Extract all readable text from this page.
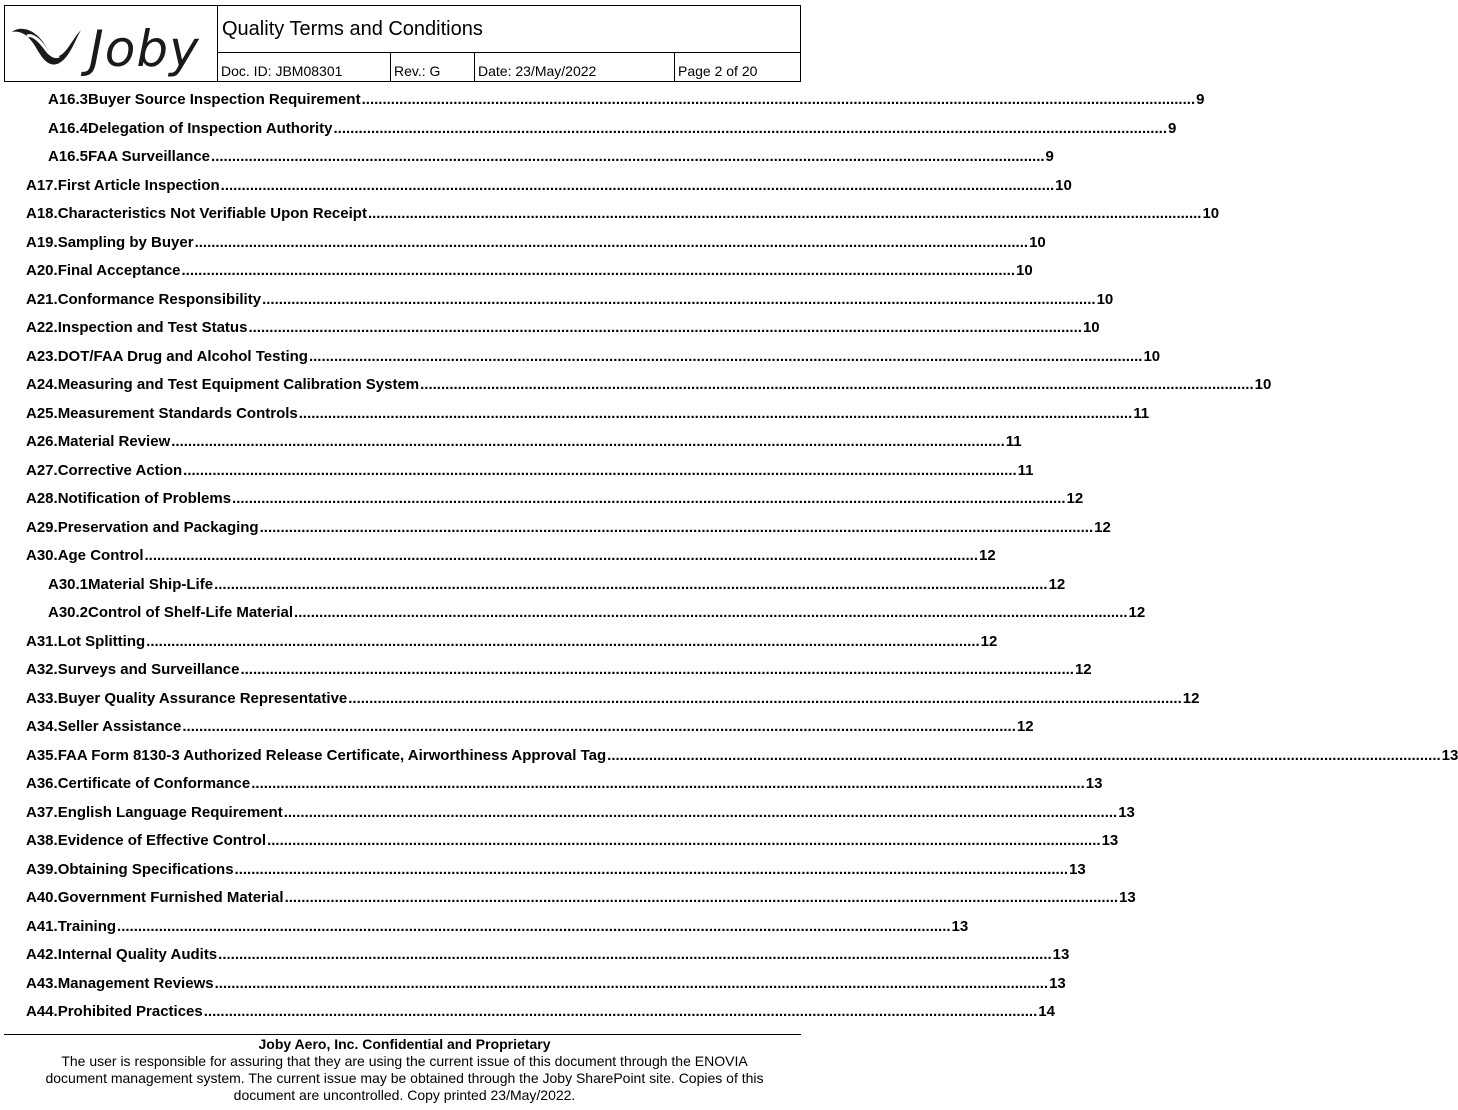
Joby Quality Terms and Conditions
Doc. ID: JBM08301	Rev.: G	Date: 23/May/2022	Page 2 of 20
A16.3 Buyer Source Inspection Requirement ........................................................................................................................................................................................................ 9
A16.4 Delegation of Inspection Authority ........................................................................................................................................................................................................ 9
A16.5 FAA Surveillance ........................................................................................................................................................................................................ 9
A17. First Article Inspection ........................................................................................................................................................................................................ 10
A18. Characteristics Not Verifiable Upon Receipt ........................................................................................................................................................................................................ 10
A19. Sampling by Buyer ........................................................................................................................................................................................................ 10
A20. Final Acceptance ........................................................................................................................................................................................................ 10
A21. Conformance Responsibility ........................................................................................................................................................................................................ 10
A22. Inspection and Test Status ........................................................................................................................................................................................................ 10
A23. DOT/FAA Drug and Alcohol Testing ........................................................................................................................................................................................................ 10
A24. Measuring and Test Equipment Calibration System ........................................................................................................................................................................................................ 10
A25. Measurement Standards Controls ........................................................................................................................................................................................................ 11
A26. Material Review ........................................................................................................................................................................................................ 11
A27. Corrective Action ........................................................................................................................................................................................................ 11
A28. Notification of Problems ........................................................................................................................................................................................................ 12
A29. Preservation and Packaging ........................................................................................................................................................................................................ 12
A30. Age Control ........................................................................................................................................................................................................ 12
A30.1 Material Ship-Life ........................................................................................................................................................................................................ 12
A30.2 Control of Shelf-Life Material ........................................................................................................................................................................................................ 12
A31. Lot Splitting ........................................................................................................................................................................................................ 12
A32. Surveys and Surveillance ........................................................................................................................................................................................................ 12
A33. Buyer Quality Assurance Representative ........................................................................................................................................................................................................ 12
A34. Seller Assistance ........................................................................................................................................................................................................ 12
A35. FAA Form 8130-3 Authorized Release Certificate, Airworthiness Approval Tag ........................................................................................................................................................................................................ 13
A36. Certificate of Conformance ........................................................................................................................................................................................................ 13
A37. English Language Requirement ........................................................................................................................................................................................................ 13
A38. Evidence of Effective Control ........................................................................................................................................................................................................ 13
A39. Obtaining Specifications ........................................................................................................................................................................................................ 13
A40. Government Furnished Material ........................................................................................................................................................................................................ 13
A41. Training ........................................................................................................................................................................................................ 13
A42. Internal Quality Audits ........................................................................................................................................................................................................ 13
A43. Management Reviews ........................................................................................................................................................................................................ 13
A44. Prohibited Practices ........................................................................................................................................................................................................ 14
Joby Aero, Inc. Confidential and Proprietary
The user is responsible for assuring that they are using the current issue of this document through the ENOVIA
document management system. The current issue may be obtained through the Joby SharePoint site. Copies of this
document are uncontrolled. Copy printed 23/May/2022.
